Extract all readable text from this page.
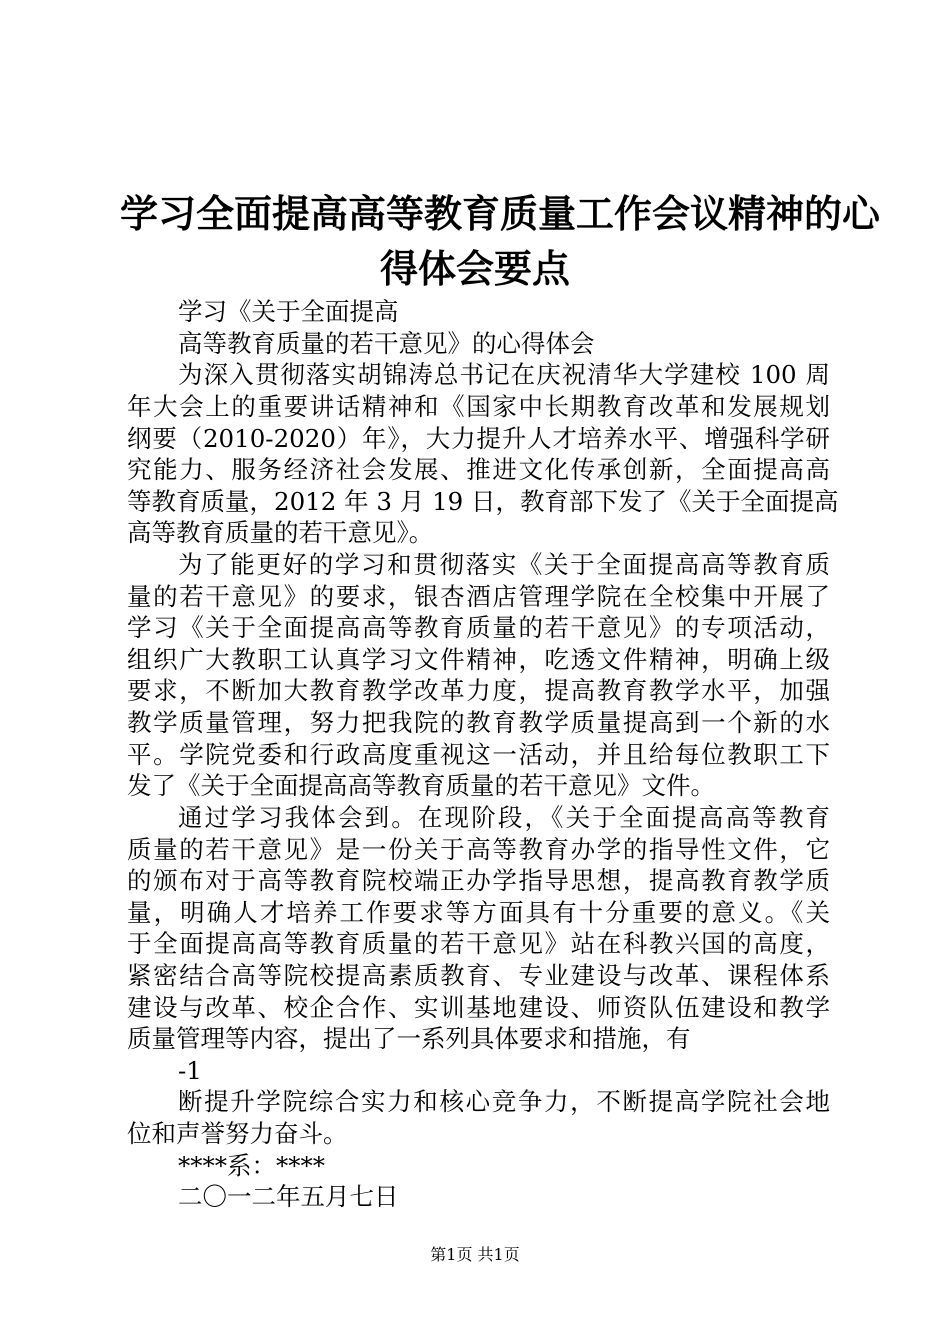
学习全面提高高等教育质量工作会议精神的心
得体会要点
学习《关于全面提高
高等教育质量的若干意见》的心得体会
为深入贯彻落实胡锦涛总书记在庆祝清华大学建校 100 周
年大会上的重要讲话精神和《国家中长期教育改革和发展规划
纲要（2010-2020）年》，大力提升人才培养水平、增强科学研
究能力、服务经济社会发展、推进文化传承创新，全面提高高
等教育质量，2012 年 3 月 19 日，教育部下发了《关于全面提高
高等教育质量的若干意见》。
为了能更好的学习和贯彻落实《关于全面提高高等教育质
量的若干意见》的要求，银杏酒店管理学院在全校集中开展了
学习《关于全面提高高等教育质量的若干意见》的专项活动，
组织广大教职工认真学习文件精神，吃透文件精神，明确上级
要求，不断加大教育教学改革力度，提高教育教学水平，加强
教学质量管理，努力把我院的教育教学质量提高到一个新的水
平。学院党委和行政高度重视这一活动，并且给每位教职工下
发了《关于全面提高高等教育质量的若干意见》文件。
通过学习我体会到。在现阶段，《关于全面提高高等教育
质量的若干意见》是一份关于高等教育办学的指导性文件，它
的颁布对于高等教育院校端正办学指导思想，提高教育教学质
量，明确人才培养工作要求等方面具有十分重要的意义。《关
于全面提高高等教育质量的若干意见》站在科教兴国的高度，
紧密结合高等院校提高素质教育、专业建设与改革、课程体系
建设与改革、校企合作、实训基地建设、师资队伍建设和教学
质量管理等内容，提出了一系列具体要求和措施，有
-1
断提升学院综合实力和核心竞争力，不断提高学院社会地
位和声誉努力奋斗。
****系：****
二〇一二年五月七日
第1页 共1页
